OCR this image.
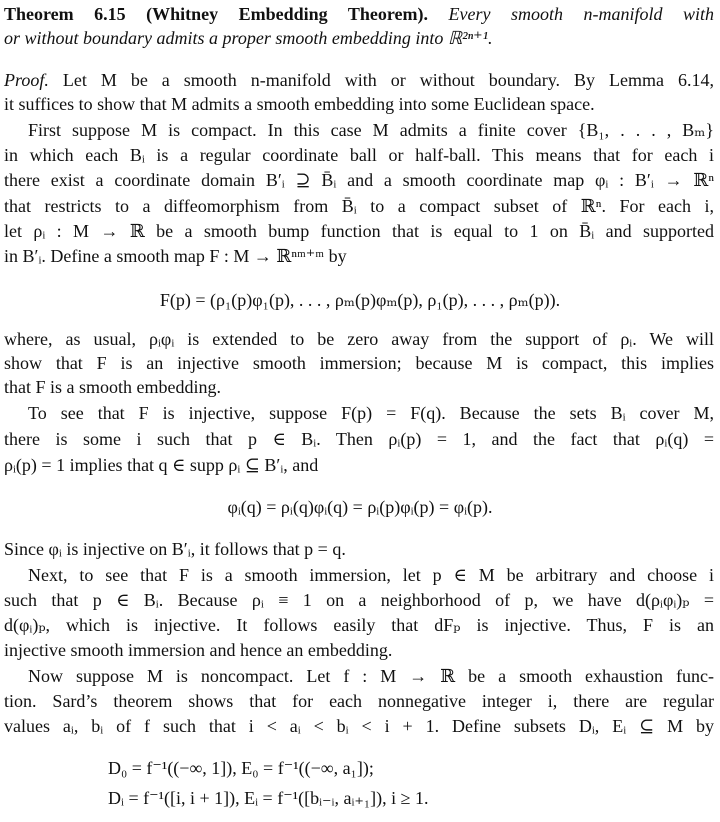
Theorem 6.15 (Whitney Embedding Theorem). Every smooth n-manifold with
or without boundary admits a proper smooth embedding into ℝ²ⁿ⁺¹.
Proof. Let M be a smooth n-manifold with or without boundary. By Lemma 6.14,
it suffices to show that M admits a smooth embedding into some Euclidean space.
First suppose M is compact. In this case M admits a finite cover {B₁, . . . , Bₘ}
in which each Bᵢ is a regular coordinate ball or half-ball. This means that for each i
there exist a coordinate domain B′ᵢ ⊇ B̄ᵢ and a smooth coordinate map φᵢ : B′ᵢ → ℝⁿ
that restricts to a diffeomorphism from B̄ᵢ to a compact subset of ℝⁿ. For each i,
let ρᵢ : M → ℝ be a smooth bump function that is equal to 1 on B̄ᵢ and supported
in B′ᵢ. Define a smooth map F : M → ℝⁿᵐ⁺ᵐ by
F(p) = (ρ₁(p)φ₁(p), . . . , ρₘ(p)φₘ(p), ρ₁(p), . . . , ρₘ(p)).
where, as usual, ρᵢφᵢ is extended to be zero away from the support of ρᵢ. We will
show that F is an injective smooth immersion; because M is compact, this implies
that F is a smooth embedding.
To see that F is injective, suppose F(p) = F(q). Because the sets Bᵢ cover M,
there is some i such that p ∈ Bᵢ. Then ρᵢ(p) = 1, and the fact that ρᵢ(q) =
ρᵢ(p) = 1 implies that q ∈ supp ρᵢ ⊆ B′ᵢ, and
φᵢ(q) = ρᵢ(q)φᵢ(q) = ρᵢ(p)φᵢ(p) = φᵢ(p).
Since φᵢ is injective on B′ᵢ, it follows that p = q.
Next, to see that F is a smooth immersion, let p ∈ M be arbitrary and choose i
such that p ∈ Bᵢ. Because ρᵢ ≡ 1 on a neighborhood of p, we have d(ρᵢφᵢ)ₚ =
d(φᵢ)ₚ, which is injective. It follows easily that dFₚ is injective. Thus, F is an
injective smooth immersion and hence an embedding.
Now suppose M is noncompact. Let f : M → ℝ be a smooth exhaustion func-
tion. Sard’s theorem shows that for each nonnegative integer i, there are regular
values aᵢ, bᵢ of f such that i < aᵢ < bᵢ < i + 1. Define subsets Dᵢ, Eᵢ ⊆ M by
D₀ = f⁻¹((−∞, 1]), E₀ = f⁻¹((−∞, a₁]);
Dᵢ = f⁻¹([i, i + 1]), Eᵢ = f⁻¹([bᵢ₋ᵢ, aᵢ₊₁]), i ≥ 1.
